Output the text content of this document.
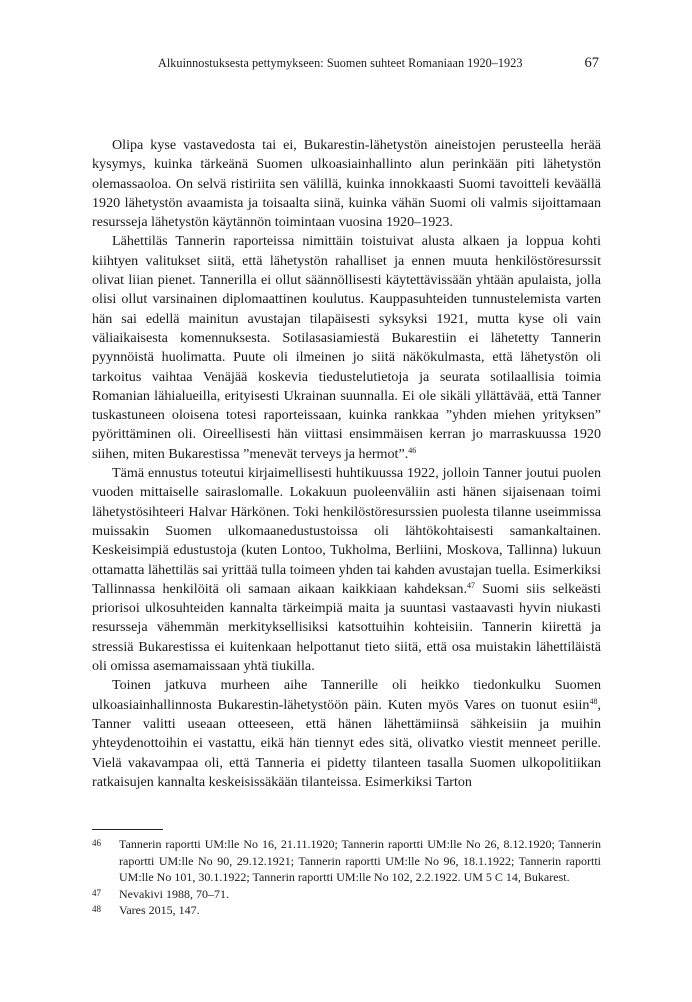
Alkuinnostuksesta pettymykseen: Suomen suhteet Romaniaan 1920–1923	67

Olipa kyse vastavedosta tai ei, Bukarestin-lähetystön aineistojen perusteella herää kysymys, kuinka tärkeänä Suomen ulkoasiainhallinto alun perinkään piti lähetystön olemassaoloa. On selvä ristiriita sen välillä, kuinka innokkaasti Suomi tavoitteli keväällä 1920 lähetystön avaamista ja toisaalta siinä, kuinka vähän Suomi oli valmis sijoittamaan resursseja lähetystön käytännön toimintaan vuosina 1920–1923.

Lähettiläs Tannerin raporteissa nimittäin toistuivat alusta alkaen ja loppua kohti kiihtyen valitukset siitä, että lähetystön rahalliset ja ennen muuta henkilöstöresurssit olivat liian pienet. Tannerilla ei ollut säännöllisesti käytettävissään yhtään apulaista, jolla olisi ollut varsinainen diplomaattinen koulutus. Kauppasuhteiden tunnustelemista varten hän sai edellä mainitun avustajan tilapäisesti syksyksi 1921, mutta kyse oli vain väliaikaisesta komennuksesta. Sotilasasiamiestä Bukarestiin ei lähetetty Tannerin pyynnöistä huolimatta. Puute oli ilmeinen jo siitä näkökulmasta, että lähetystön oli tarkoitus vaihtaa Venäjää koskevia tiedustelutietoja ja seurata sotilaallisia toimia Romanian lähialueilla, erityisesti Ukrainan suunnalla. Ei ole sikäli yllättävää, että Tanner tuskastuneen oloisena totesi raporteissaan, kuinka rankkaa ”yhden miehen yrityksen” pyörittäminen oli. Oireellisesti hän viittasi ensimmäisen kerran jo marraskuussa 1920 siihen, miten Bukarestissa ”menevät terveys ja hermot”.$^{46}$

Tämä ennustus toteutui kirjaimellisesti huhtikuussa 1922, jolloin Tanner joutui puolen vuoden mittaiselle sairaslomalle. Lokakuun puoleenväliin asti hänen sijaisenaan toimi lähetystösihteeri Halvar Härkönen. Toki henkilöstöresurssien puolesta tilanne useimmissa muissakin Suomen ulkomaanedustustoissa oli lähtökohtaisesti samankaltainen. Keskeisimpiä edustustoja (kuten Lontoo, Tukholma, Berliini, Moskova, Tallinna) lukuun ottamatta lähettiläs sai yrittää tulla toimeen yhden tai kahden avustajan tuella. Esimerkiksi Tallinnassa henkilöitä oli samaan aikaan kaikkiaan kahdeksan.$^{47}$ Suomi siis selkeästi priorisoi ulkosuhteiden kannalta tärkeimpiä maita ja suuntasi vastaavasti hyvin niukasti resursseja vähemmän merkityksellisiksi katsottuihin kohteisiin. Tannerin kiirettä ja stressiä Bukarestissa ei kuitenkaan helpottanut tieto siitä, että osa muistakin lähettiläistä oli omissa asemamaissaan yhtä tiukilla.

Toinen jatkuva murheen aihe Tannerille oli heikko tiedonkulku Suomen ulkoasiainhallinnosta Bukarestin-lähetystöön päin. Kuten myös Vares on tuonut esiin$^{48}$, Tanner valitti useaan otteeseen, että hänen lähettämiinsä sähkeisiin ja muihin yhteydenottoihin ei vastattu, eikä hän tiennyt edes sitä, olivatko viestit menneet perille. Vielä vakavampaa oli, että Tanneria ei pidetty tilanteen tasalla Suomen ulkopolitiikan ratkaisujen kannalta keskeisissäkään tilanteissa. Esimerkiksi Tarton

46 Tannerin raportti UM:lle No 16, 21.11.1920; Tannerin raportti UM:lle No 26, 8.12.1920; Tannerin raportti UM:lle No 90, 29.12.1921; Tannerin raportti UM:lle No 96, 18.1.1922; Tannerin raportti UM:lle No 101, 30.1.1922; Tannerin raportti UM:lle No 102, 2.2.1922. UM 5 C 14, Bukarest.
47 Nevakivi 1988, 70–71.
48 Vares 2015, 147.
